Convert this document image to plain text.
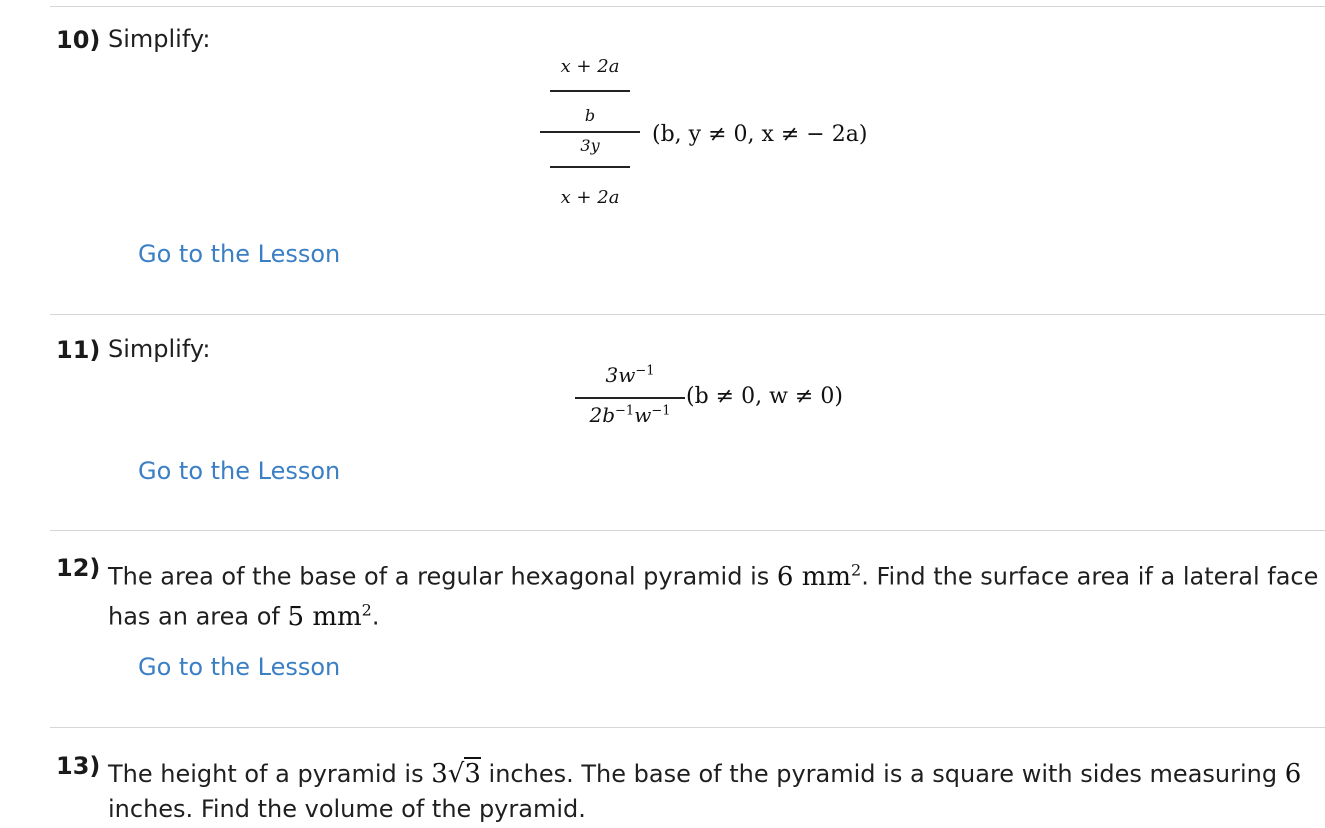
10) Simplify:
x + 2a
b
3y
x + 2a
(b, y ≠ 0, x ≠ − 2a)
Go to the Lesson
11) Simplify:
$3w^{-1}$
$2b^{-1}w^{-1}$
(b ≠ 0, w ≠ 0)
Go to the Lesson
12) The area of the base of a regular hexagonal pyramid is 6 $mm^2$. Find the surface area if a lateral face
has an area of 5 $mm^2$.
Go to the Lesson
13) The height of a pyramid is 3√3 inches. The base of the pyramid is a square with sides measuring 6
inches. Find the volume of the pyramid.
